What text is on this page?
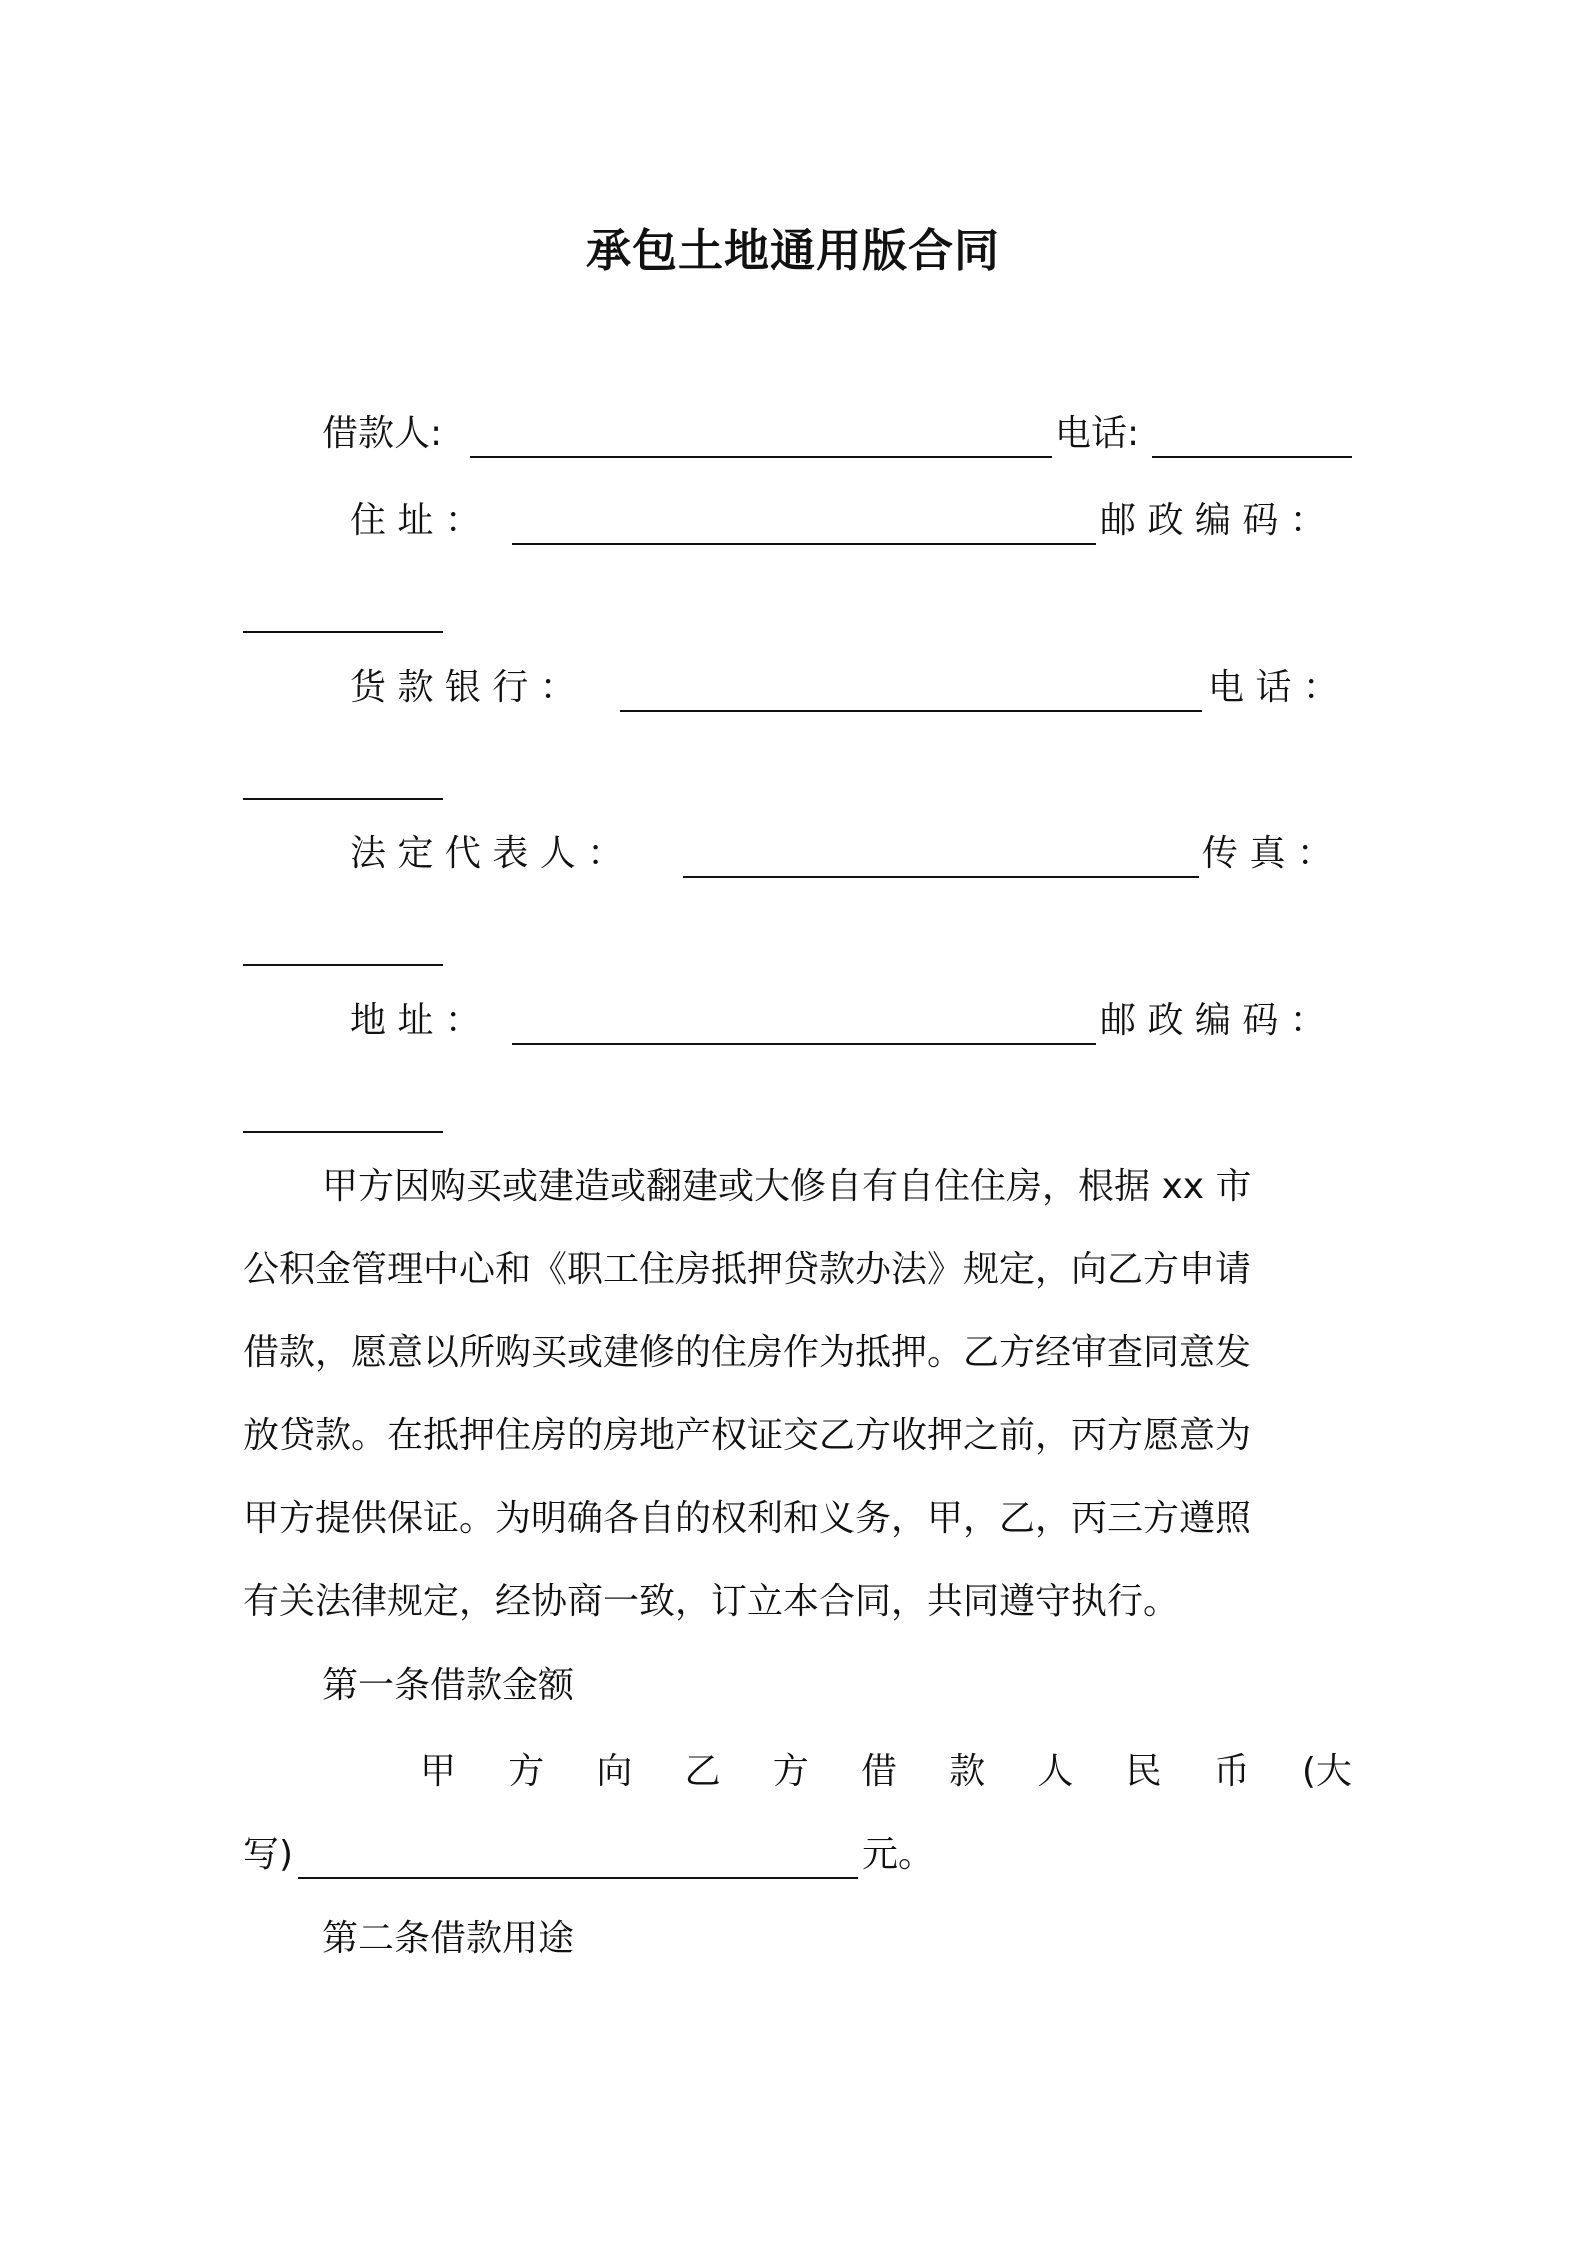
承包土地通用版合同
借款人:	电话:
住 址 ：	邮 政 编 码 ：
货 款 银 行 ：	电 话 ：
法 定 代 表 人 ：	传 真 ：
地 址 ：	邮 政 编 码 ：
甲方因购买或建造或翻建或大修自有自住住房，根据 xx 市
公积金管理中心和《职工住房抵押贷款办法》规定，向乙方申请
借款，愿意以所购买或建修的住房作为抵押。乙方经审查同意发
放贷款。在抵押住房的房地产权证交乙方收押之前，丙方愿意为
甲方提供保证。为明确各自的权利和义务，甲，乙，丙三方遵照
有关法律规定，经协商一致，订立本合同，共同遵守执行。
第一条借款金额
甲 方 向 乙 方 借 款 人 民 币 (大
写)	元。
第二条借款用途
